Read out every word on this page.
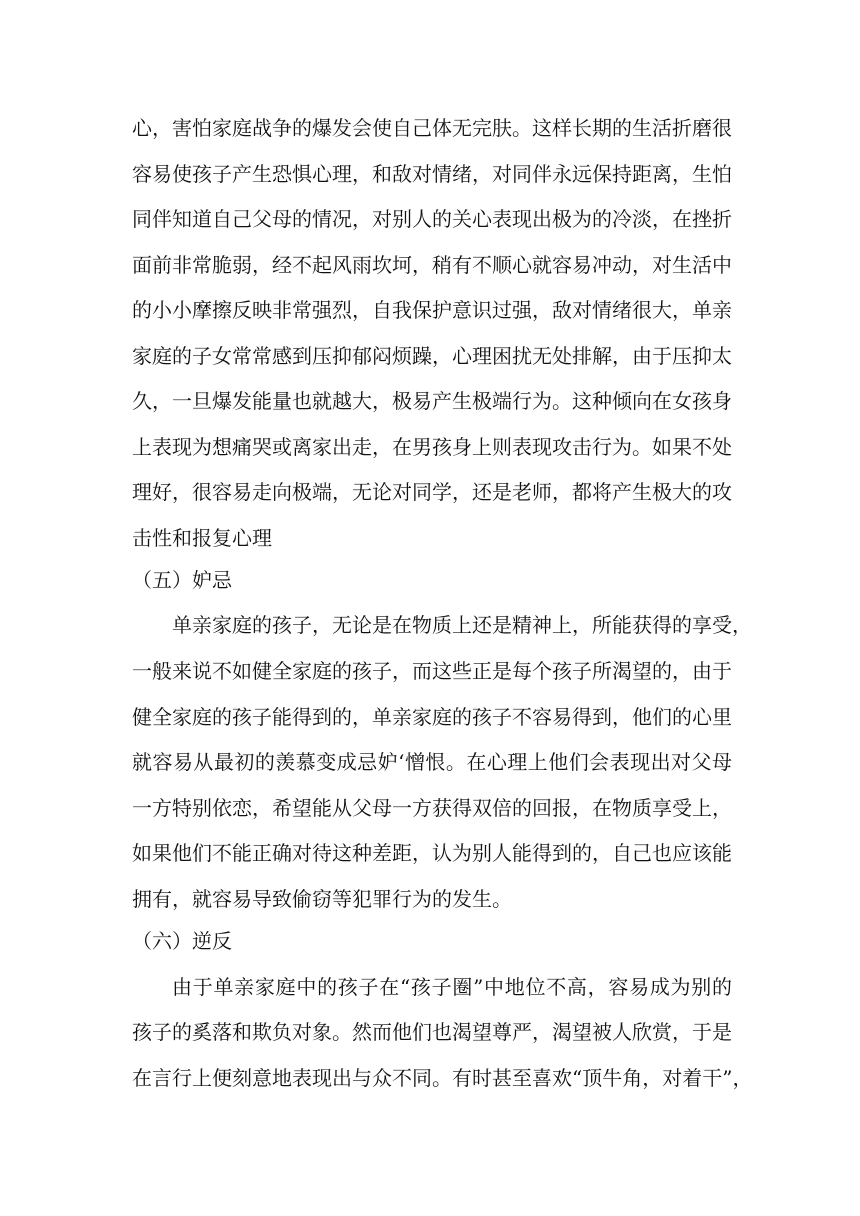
心，害怕家庭战争的爆发会使自己体无完肤。这样长期的生活折磨很
容易使孩子产生恐惧心理，和敌对情绪，对同伴永远保持距离，生怕
同伴知道自己父母的情况，对别人的关心表现出极为的冷淡，在挫折
面前非常脆弱，经不起风雨坎坷，稍有不顺心就容易冲动，对生活中
的小小摩擦反映非常强烈，自我保护意识过强，敌对情绪很大，单亲
家庭的子女常常感到压抑郁闷烦躁，心理困扰无处排解，由于压抑太
久，一旦爆发能量也就越大，极易产生极端行为。这种倾向在女孩身
上表现为想痛哭或离家出走，在男孩身上则表现攻击行为。如果不处
理好，很容易走向极端，无论对同学，还是老师，都将产生极大的攻
击性和报复心理
（五）妒忌
单亲家庭的孩子，无论是在物质上还是精神上，所能获得的享受，
一般来说不如健全家庭的孩子，而这些正是每个孩子所渴望的，由于
健全家庭的孩子能得到的，单亲家庭的孩子不容易得到，他们的心里
就容易从最初的羡慕变成忌妒‘憎恨。在心理上他们会表现出对父母
一方特别依恋，希望能从父母一方获得双倍的回报，在物质享受上，
如果他们不能正确对待这种差距，认为别人能得到的，自己也应该能
拥有，就容易导致偷窃等犯罪行为的发生。
（六）逆反
由于单亲家庭中的孩子在“孩子圈”中地位不高，容易成为别的
孩子的奚落和欺负对象。然而他们也渴望尊严，渴望被人欣赏，于是
在言行上便刻意地表现出与众不同。有时甚至喜欢“顶牛角，对着干”，
